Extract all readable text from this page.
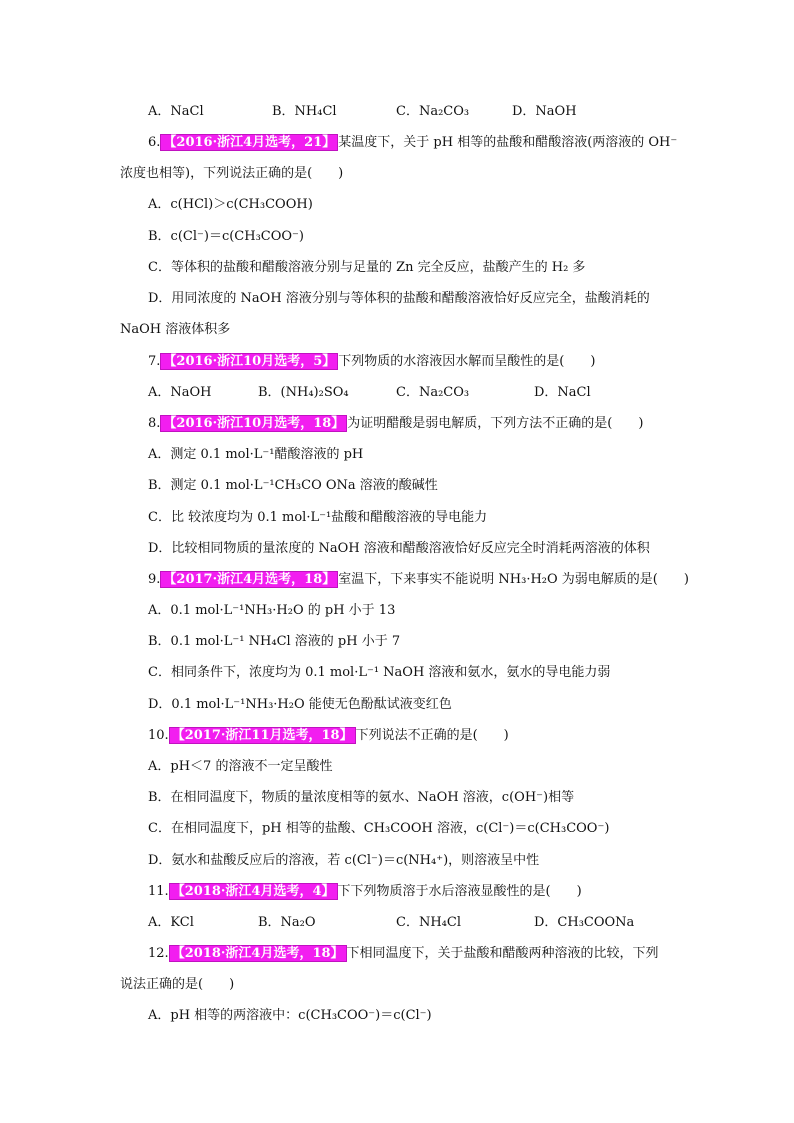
A．NaCl	B．NH₄Cl	C．Na₂CO₃	D．NaOH
6. 【2016·浙江4月选考，21】 某温度下，关于 pH 相等的盐酸和醋酸溶液(两溶液的 OH⁻
浓度也相等)，下列说法正确的是(　　)
A．c(HCl)＞c(CH₃COOH)
B．c(Cl⁻)＝c(CH₃COO⁻)
C．等体积的盐酸和醋酸溶液分别与足量的 Zn 完全反应，盐酸产生的 H₂ 多
D．用同浓度的 NaOH 溶液分别与等体积的盐酸和醋酸溶液恰好反应完全，盐酸消耗的
NaOH 溶液体积多
7. 【2016·浙江10月选考，5】 下列物质的水溶液因水解而呈酸性的是(　　)
A．NaOH	B．(NH₄)₂SO₄	C．Na₂CO₃	D．NaCl
8. 【2016·浙江10月选考，18】 为证明醋酸是弱电解质，下列方法不正确的是(　　)
A．测定 0.1 mol·L⁻¹醋酸溶液的 pH
B．测定 0.1 mol·L⁻¹CH₃CO ONa 溶液的酸碱性
C．比 较浓度均为 0.1 mol·L⁻¹盐酸和醋酸溶液的导电能力
D．比较相同物质的量浓度的 NaOH 溶液和醋酸溶液恰好反应完全时消耗两溶液的体积
9. 【2017·浙江4月选考，18】 室温下，下来事实不能说明 NH₃·H₂O 为弱电解质的是(　　)
A．0.1 mol·L⁻¹NH₃·H₂O 的 pH 小于 13
B．0.1 mol·L⁻¹ NH₄Cl 溶液的 pH 小于 7
C．相同条件下，浓度均为 0.1 mol·L⁻¹ NaOH 溶液和氨水，氨水的导电能力弱
D．0.1 mol·L⁻¹NH₃·H₂O 能使无色酚酞试液变红色
10. 【2017·浙江11月选考，18】 下列说法不正确的是(　　)
A．pH＜7 的溶液不一定呈酸性
B．在相同温度下，物质的量浓度相等的氨水、NaOH 溶液，c(OH⁻)相等
C．在相同温度下，pH 相等的盐酸、CH₃COOH 溶液，c(Cl⁻)＝c(CH₃COO⁻)
D．氨水和盐酸反应后的溶液，若 c(Cl⁻)＝c(NH₄⁺)，则溶液呈中性
11. 【2018·浙江4月选考，4】 下下列物质溶于水后溶液显酸性的是(　　)
A．KCl	B．Na₂O	C．NH₄Cl	D．CH₃COONa
12. 【2018·浙江4月选考，18】 下相同温度下，关于盐酸和醋酸两种溶液的比较，下列
说法正确的是(　　)
A．pH 相等的两溶液中：c(CH₃COO⁻)＝c(Cl⁻)
